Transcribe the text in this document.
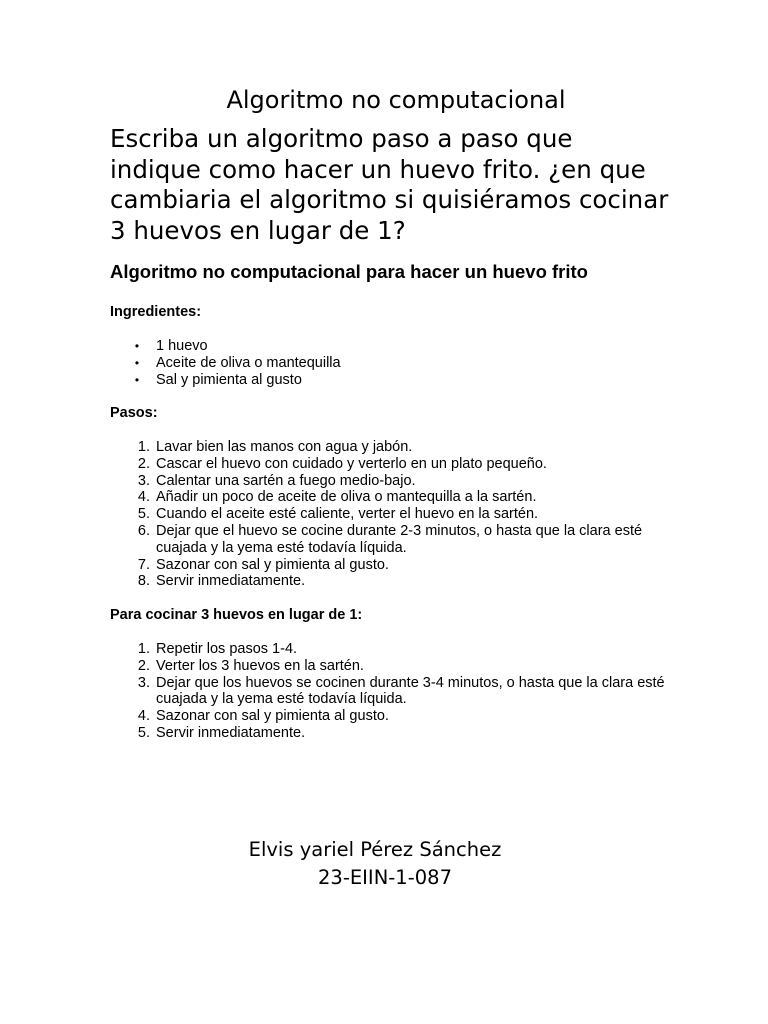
Algoritmo no computacional

Escriba un algoritmo paso a paso que indique como hacer un huevo frito. ¿en que cambiaria el algoritmo si quisiéramos cocinar 3 huevos en lugar de 1?

Algoritmo no computacional para hacer un huevo frito

Ingredientes:

• 1 huevo
• Aceite de oliva o mantequilla
• Sal y pimienta al gusto

Pasos:

1. Lavar bien las manos con agua y jabón.
2. Cascar el huevo con cuidado y verterlo en un plato pequeño.
3. Calentar una sartén a fuego medio-bajo.
4. Añadir un poco de aceite de oliva o mantequilla a la sartén.
5. Cuando el aceite esté caliente, verter el huevo en la sartén.
6. Dejar que el huevo se cocine durante 2-3 minutos, o hasta que la clara esté cuajada y la yema esté todavía líquida.
7. Sazonar con sal y pimienta al gusto.
8. Servir inmediatamente.

Para cocinar 3 huevos en lugar de 1:

1. Repetir los pasos 1-4.
2. Verter los 3 huevos en la sartén.
3. Dejar que los huevos se cocinen durante 3-4 minutos, o hasta que la clara esté cuajada y la yema esté todavía líquida.
4. Sazonar con sal y pimienta al gusto.
5. Servir inmediatamente.

Elvis yariel Pérez Sánchez

23-EIIN-1-087
